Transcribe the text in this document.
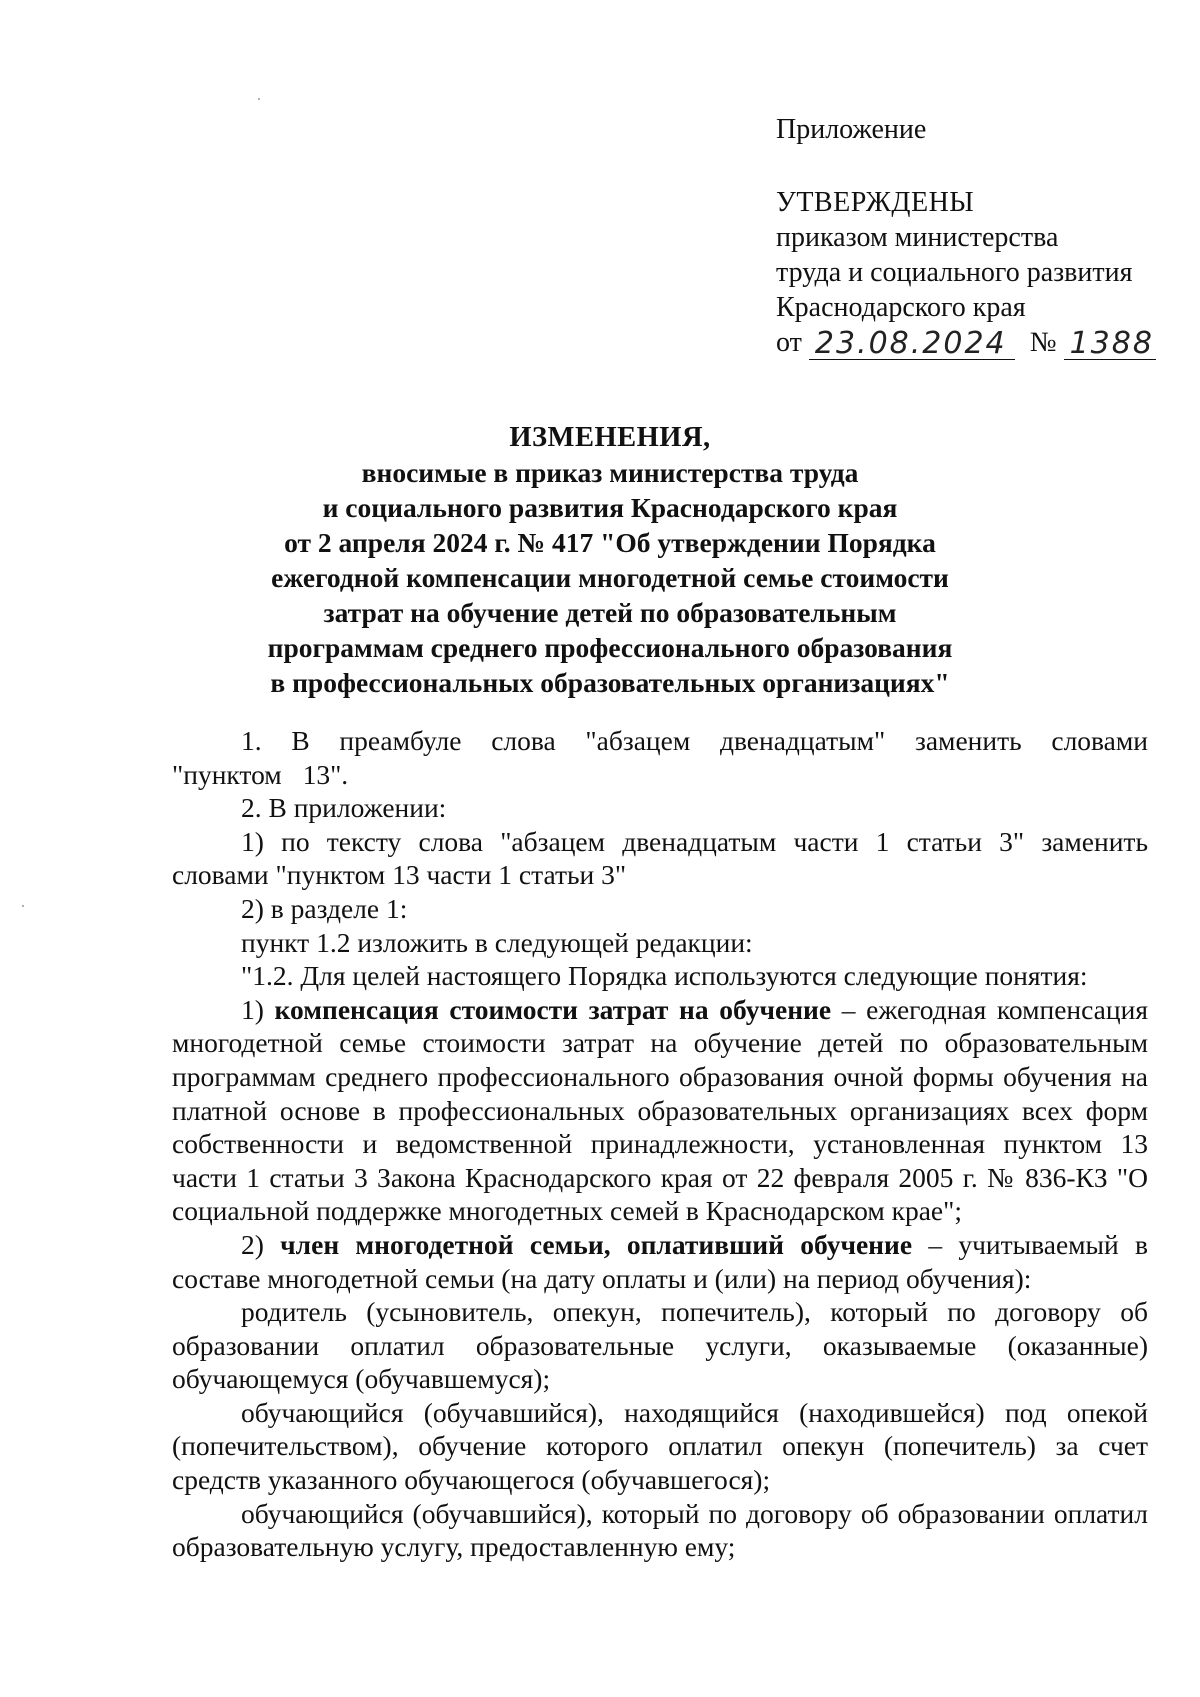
Приложение
УТВЕРЖДЕНЫ
приказом министерства
труда и социального развития
Краснодарского края
от 23.08.2024 № 1388
ИЗМЕНЕНИЯ,
вносимые в приказ министерства труда
и социального развития Краснодарского края
от 2 апреля 2024 г. № 417 "Об утверждении Порядка
ежегодной компенсации многодетной семье стоимости
затрат на обучение детей по образовательным
программам среднего профессионального образования
в профессиональных образовательных организациях"

1. В преамбуле слова "абзацем двенадцатым" заменить словами "пунктом 13".

2. В приложении:

1) по тексту слова "абзацем двенадцатым части 1 статьи 3" заменить словами "пунктом 13 части 1 статьи 3"

2) в разделе 1:

пункт 1.2 изложить в следующей редакции:

"1.2. Для целей настоящего Порядка используются следующие понятия:

1) компенсация стоимости затрат на обучение – ежегодная компенсация многодетной семье стоимости затрат на обучение детей по образовательным программам среднего профессионального образования очной формы обучения на платной основе в профессиональных образовательных организациях всех форм собственности и ведомственной принадлежности, установленная пунктом 13 части 1 статьи 3 Закона Краснодарского края от 22 февраля 2005 г. № 836-КЗ "О социальной поддержке многодетных семей в Краснодарском крае";

2) член многодетной семьи, оплативший обучение – учитываемый в составе многодетной семьи (на дату оплаты и (или) на период обучения):

родитель (усыновитель, опекун, попечитель), который по договору об образовании оплатил образовательные услуги, оказываемые (оказанные) обучающемуся (обучавшемуся);

обучающийся (обучавшийся), находящийся (находившейся) под опекой (попечительством), обучение которого оплатил опекун (попечитель) за счет средств указанного обучающегося (обучавшегося);

обучающийся (обучавшийся), который по договору об образовании оплатил образовательную услугу, предоставленную ему;
